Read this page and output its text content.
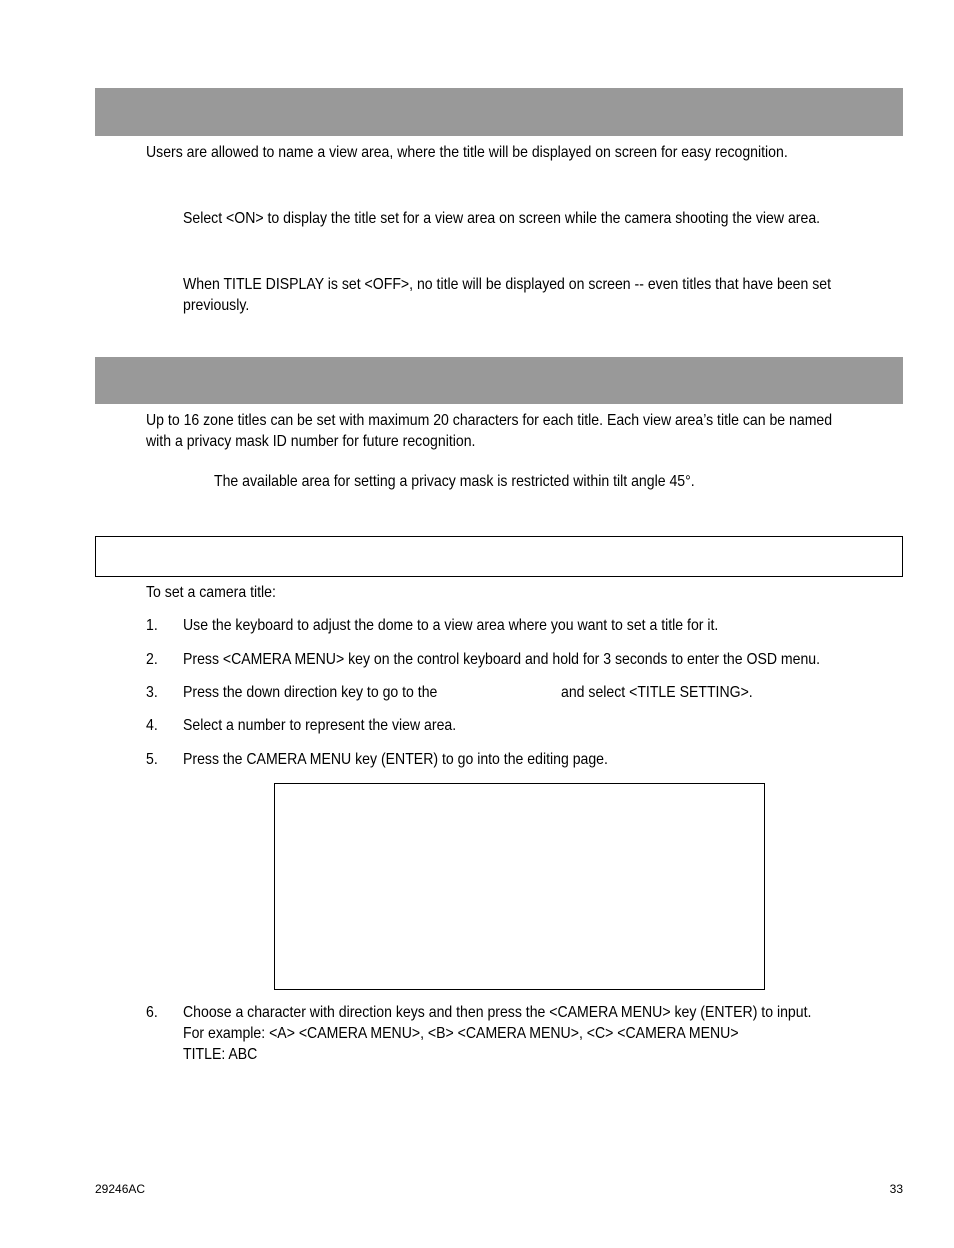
Users are allowed to name a view area, where the title will be displayed on screen for easy recognition.
Select <ON> to display the title set for a view area on screen while the camera shooting the view area.
When TITLE DISPLAY is set <OFF>, no title will be displayed on screen -- even titles that have been set
previously.
Up to 16 zone titles can be set with maximum 20 characters for each title. Each view area’s title can be named
with a privacy mask ID number for future recognition.
The available area for setting a privacy mask is restricted within tilt angle 45°.
To set a camera title:
1. Use the keyboard to adjust the dome to a view area where you want to set a title for it.
2. Press <CAMERA MENU> key on the control keyboard and hold for 3 seconds to enter the OSD menu.
3. Press the down direction key to go to the	and select <TITLE SETTING>.
4. Select a number to represent the view area.
5. Press the CAMERA MENU key (ENTER) to go into the editing page.
6. Choose a character with direction keys and then press the <CAMERA MENU> key (ENTER) to input.
For example: <A> <CAMERA MENU>, <B> <CAMERA MENU>, <C> <CAMERA MENU>
TITLE: ABC
29246AC	33
